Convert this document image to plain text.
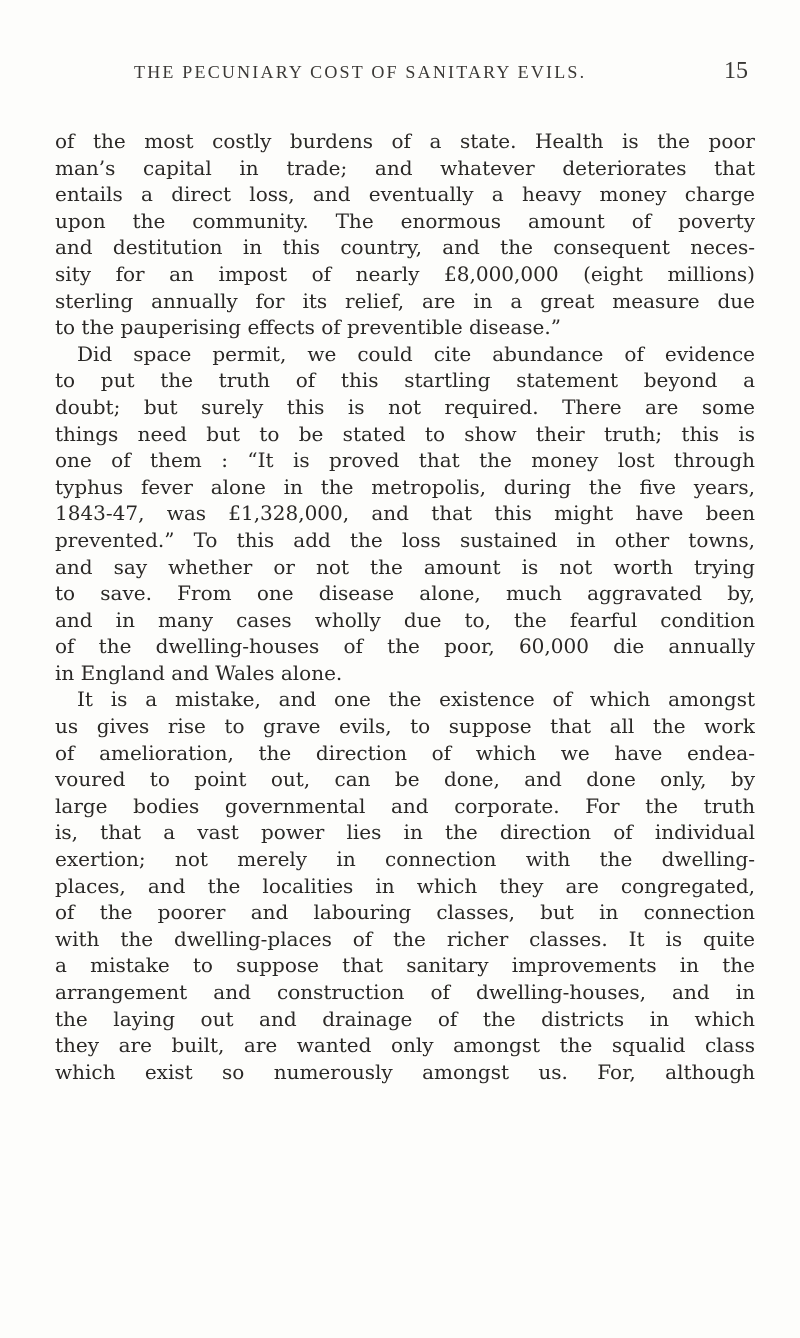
THE PECUNIARY COST OF SANITARY EVILS.	15
of the most costly burdens of a state. Health is the poor
man’s capital in trade; and whatever deteriorates that
entails a direct loss, and eventually a heavy money charge
upon the community. The enormous amount of poverty
and destitution in this country, and the consequent neces-
sity for an impost of nearly £8,000,000 (eight millions)
sterling annually for its relief, are in a great measure due
to the pauperising effects of preventible disease.”
Did space permit, we could cite abundance of evidence
to put the truth of this startling statement beyond a
doubt; but surely this is not required. There are some
things need but to be stated to show their truth; this is
one of them : “It is proved that the money lost through
typhus fever alone in the metropolis, during the five years,
1843-47, was £1,328,000, and that this might have been
prevented.” To this add the loss sustained in other towns,
and say whether or not the amount is not worth trying
to save. From one disease alone, much aggravated by,
and in many cases wholly due to, the fearful condition
of the dwelling-houses of the poor, 60,000 die annually
in England and Wales alone.
It is a mistake, and one the existence of which amongst
us gives rise to grave evils, to suppose that all the work
of amelioration, the direction of which we have endea-
voured to point out, can be done, and done only, by
large bodies governmental and corporate. For the truth
is, that a vast power lies in the direction of individual
exertion; not merely in connection with the dwelling-
places, and the localities in which they are congregated,
of the poorer and labouring classes, but in connection
with the dwelling-places of the richer classes. It is quite
a mistake to suppose that sanitary improvements in the
arrangement and construction of dwelling-houses, and in
the laying out and drainage of the districts in which
they are built, are wanted only amongst the squalid class
which exist so numerously amongst us. For, although
